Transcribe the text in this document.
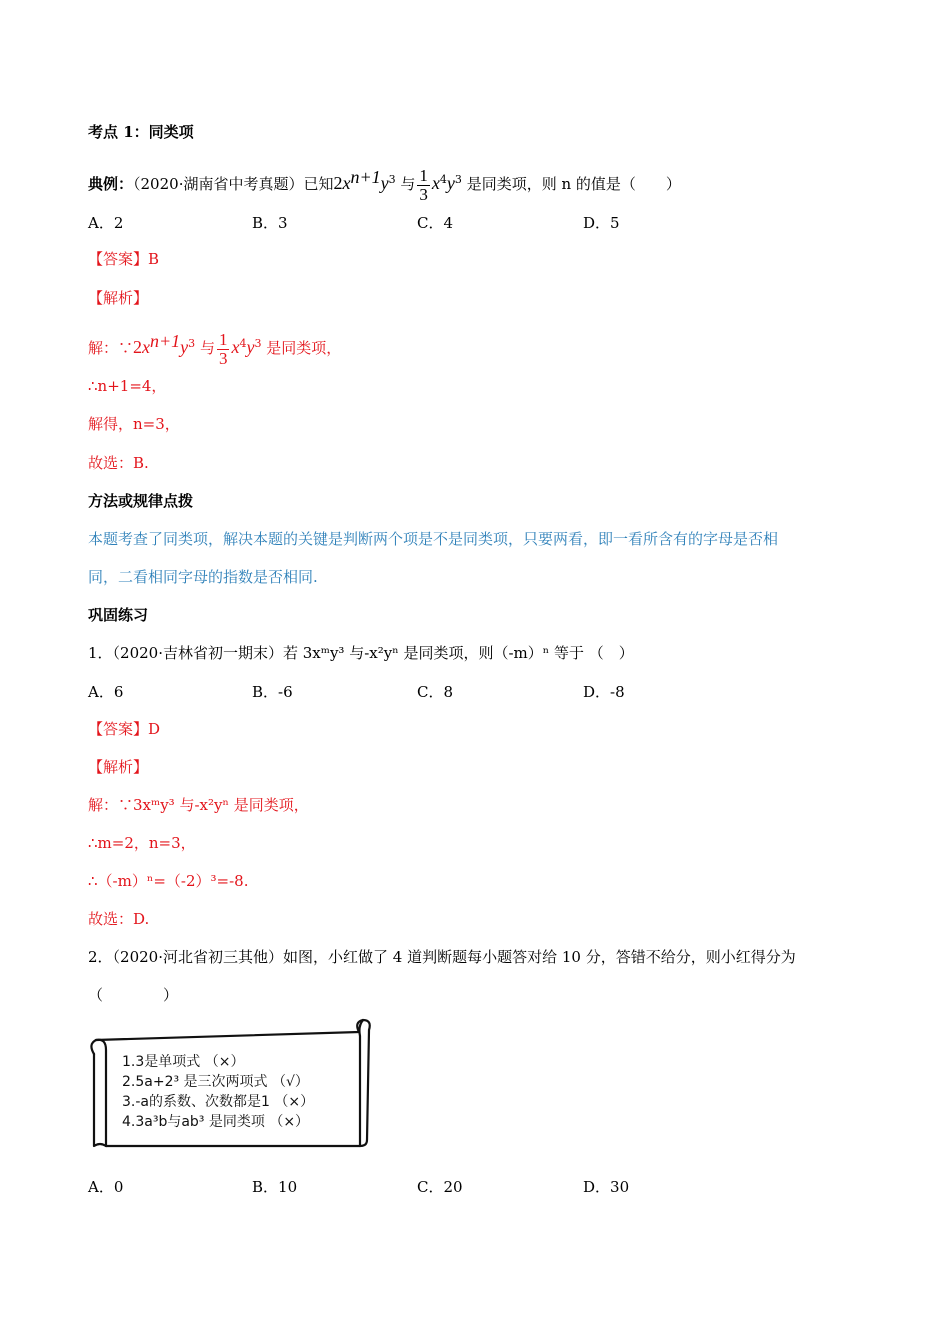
考点 1：同类项
典例：（2020·湖南省中考真题）已知$2x^{n+1}y^3$ 与 $\frac{1}{3} x^4y^3$ 是同类项，则 n 的值是（　　）
A．2	B．3	C．4	D．5
【答案】B
【解析】
解：$\because 2x^{n+1}y^3$ 与 $\frac{1}{3} x^4y^3$ 是同类项，
∴n+1=4，
解得，n=3，
故选：B.
方法或规律点拨
本题考查了同类项，解决本题的关键是判断两个项是不是同类项，只要两看，即一看所含有的字母是否相
同，二看相同字母的指数是否相同.
巩固练习
1．（2020·吉林省初一期末）若 3xᵐy³ 与-x²yⁿ 是同类项，则（-m）ⁿ 等于 （　）
A．6	B．-6	C．8	D．-8
【答案】D
【解析】
解：∵3xᵐy³ 与-x²yⁿ 是同类项，
∴m=2，n=3，
∴（-m）ⁿ=（-2）³=-8.
故选：D.
2．（2020·河北省初三其他）如图，小红做了 4 道判断题每小题答对给 10 分，答错不给分，则小红得分为
（　　　　）
1.3是单项式 （×）
2.5a+2³ 是三次两项式 （√）
3.-a的系数、次数都是1 （×）
4.3a³b与ab³ 是同类项 （×）
A．0	B．10	C．20	D．30
